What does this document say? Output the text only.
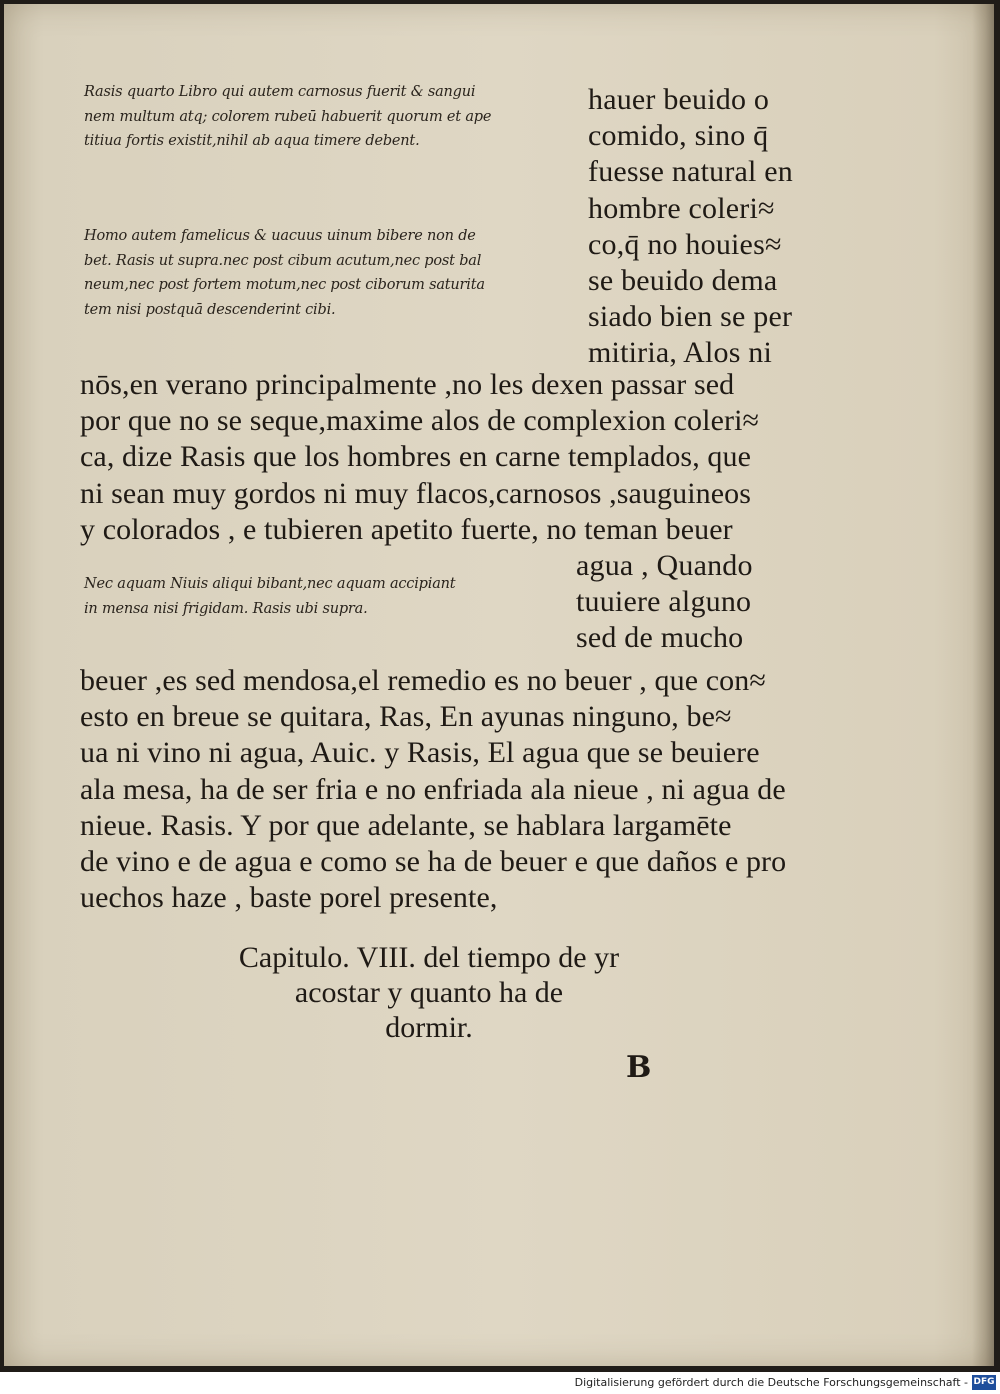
Rasis quarto Libro qui autem carnosus fuerit & sangui
nem multum atq; colorem rubeū habuerit quorum et ape
titiua fortis existit,nihil ab aqua timere debent.
hauer beuido o
comido, sino q̄
fuesse natural en
hombre coleri≈
co,q̄ no houies≈
se beuido dema
siado bien se per
mitiria, Alos ni
Homo autem famelicus & uacuus uinum bibere non de
bet. Rasis ut supra.nec post cibum acutum,nec post bal
neum,nec post fortem motum,nec post ciborum saturita
tem nisi postquā descenderint cibi.
nōs,en verano principalmente ,no les dexen passar sed
por que no se seque,maxime alos de complexion coleri≈
ca, dize Rasis que los hombres en carne templados, que
ni sean muy gordos ni muy flacos,carnosos ,sauguineos
y colorados , e tubieren apetito fuerte, no teman beuer
agua , Quando
tuuiere alguno
sed de mucho
Nec aquam Niuis aliqui bibant,nec aquam accipiant
in mensa nisi frigidam. Rasis ubi supra.
beuer ,es sed mendosa,el remedio es no beuer , que con≈
esto en breue se quitara, Ras, En ayunas ninguno, be≈
ua ni vino ni agua, Auic. y Rasis, El agua que se beuiere
ala mesa, ha de ser fria e no enfriada ala nieue , ni agua de
nieue. Rasis. Y por que adelante, se hablara largamēte
de vino e de agua e como se ha de beuer e que daños e pro
uechos haze , baste porel presente,
Capitulo. VIII. del tiempo de yr
acostar y quanto ha de
dormir.
B
Digitalisierung gefördert durch die Deutsche Forschungsgemeinschaft - DFG
